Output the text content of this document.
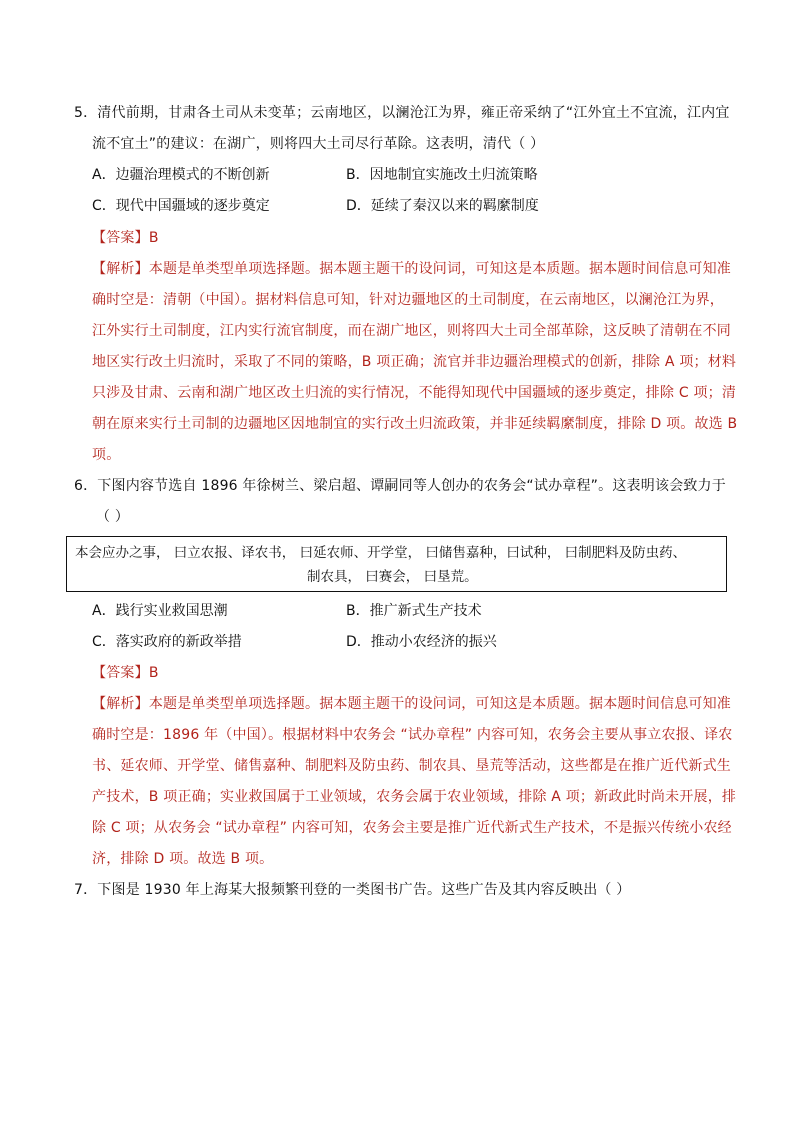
5．清代前期，甘肃各土司从未变革；云南地区，以澜沧江为界，雍正帝采纳了“江外宜土不宜流，江内宜
流不宜土”的建议：在湖广，则将四大土司尽行革除。这表明，清代（ ）
A．边疆治理模式的不断创新	B．因地制宜实施改土归流策略
C．现代中国疆域的逐步奠定	D．延续了秦汉以来的羁縻制度
【答案】B
【解析】本题是单类型单项选择题。据本题主题干的设问词，可知这是本质题。据本题时间信息可知准
确时空是：清朝（中国）。据材料信息可知，针对边疆地区的土司制度，在云南地区，以澜沧江为界，
江外实行土司制度，江内实行流官制度，而在湖广地区，则将四大土司全部革除，这反映了清朝在不同
地区实行改土归流时，采取了不同的策略，B 项正确；流官并非边疆治理模式的创新，排除 A 项；材料
只涉及甘肃、云南和湖广地区改土归流的实行情况，不能得知现代中国疆域的逐步奠定，排除 C 项；清
朝在原来实行土司制的边疆地区因地制宜的实行改土归流政策，并非延续羁縻制度，排除 D 项。故选 B
项。
6．下图内容节选自 1896 年徐树兰、梁启超、谭嗣同等人创办的农务会“试办章程”。这表明该会致力于
（ ）
本会应办之事， 曰立农报、译农书， 曰延农师、开学堂， 曰储售嘉种，曰试种， 曰制肥料及防虫药、
制农具， 曰赛会， 曰垦荒。
A．践行实业救国思潮	B．推广新式生产技术
C．落实政府的新政举措	D．推动小农经济的振兴
【答案】B
【解析】本题是单类型单项选择题。据本题主题干的设问词，可知这是本质题。据本题时间信息可知准
确时空是：1896 年（中国）。根据材料中农务会 “试办章程” 内容可知，农务会主要从事立农报、译农
书、延农师、开学堂、储售嘉种、制肥料及防虫药、制农具、垦荒等活动，这些都是在推广近代新式生
产技术，B 项正确；实业救国属于工业领域，农务会属于农业领域，排除 A 项；新政此时尚未开展，排
除 C 项；从农务会 “试办章程” 内容可知，农务会主要是推广近代新式生产技术，不是振兴传统小农经
济，排除 D 项。故选 B 项。
7．下图是 1930 年上海某大报频繁刊登的一类图书广告。这些广告及其内容反映出（ ）
